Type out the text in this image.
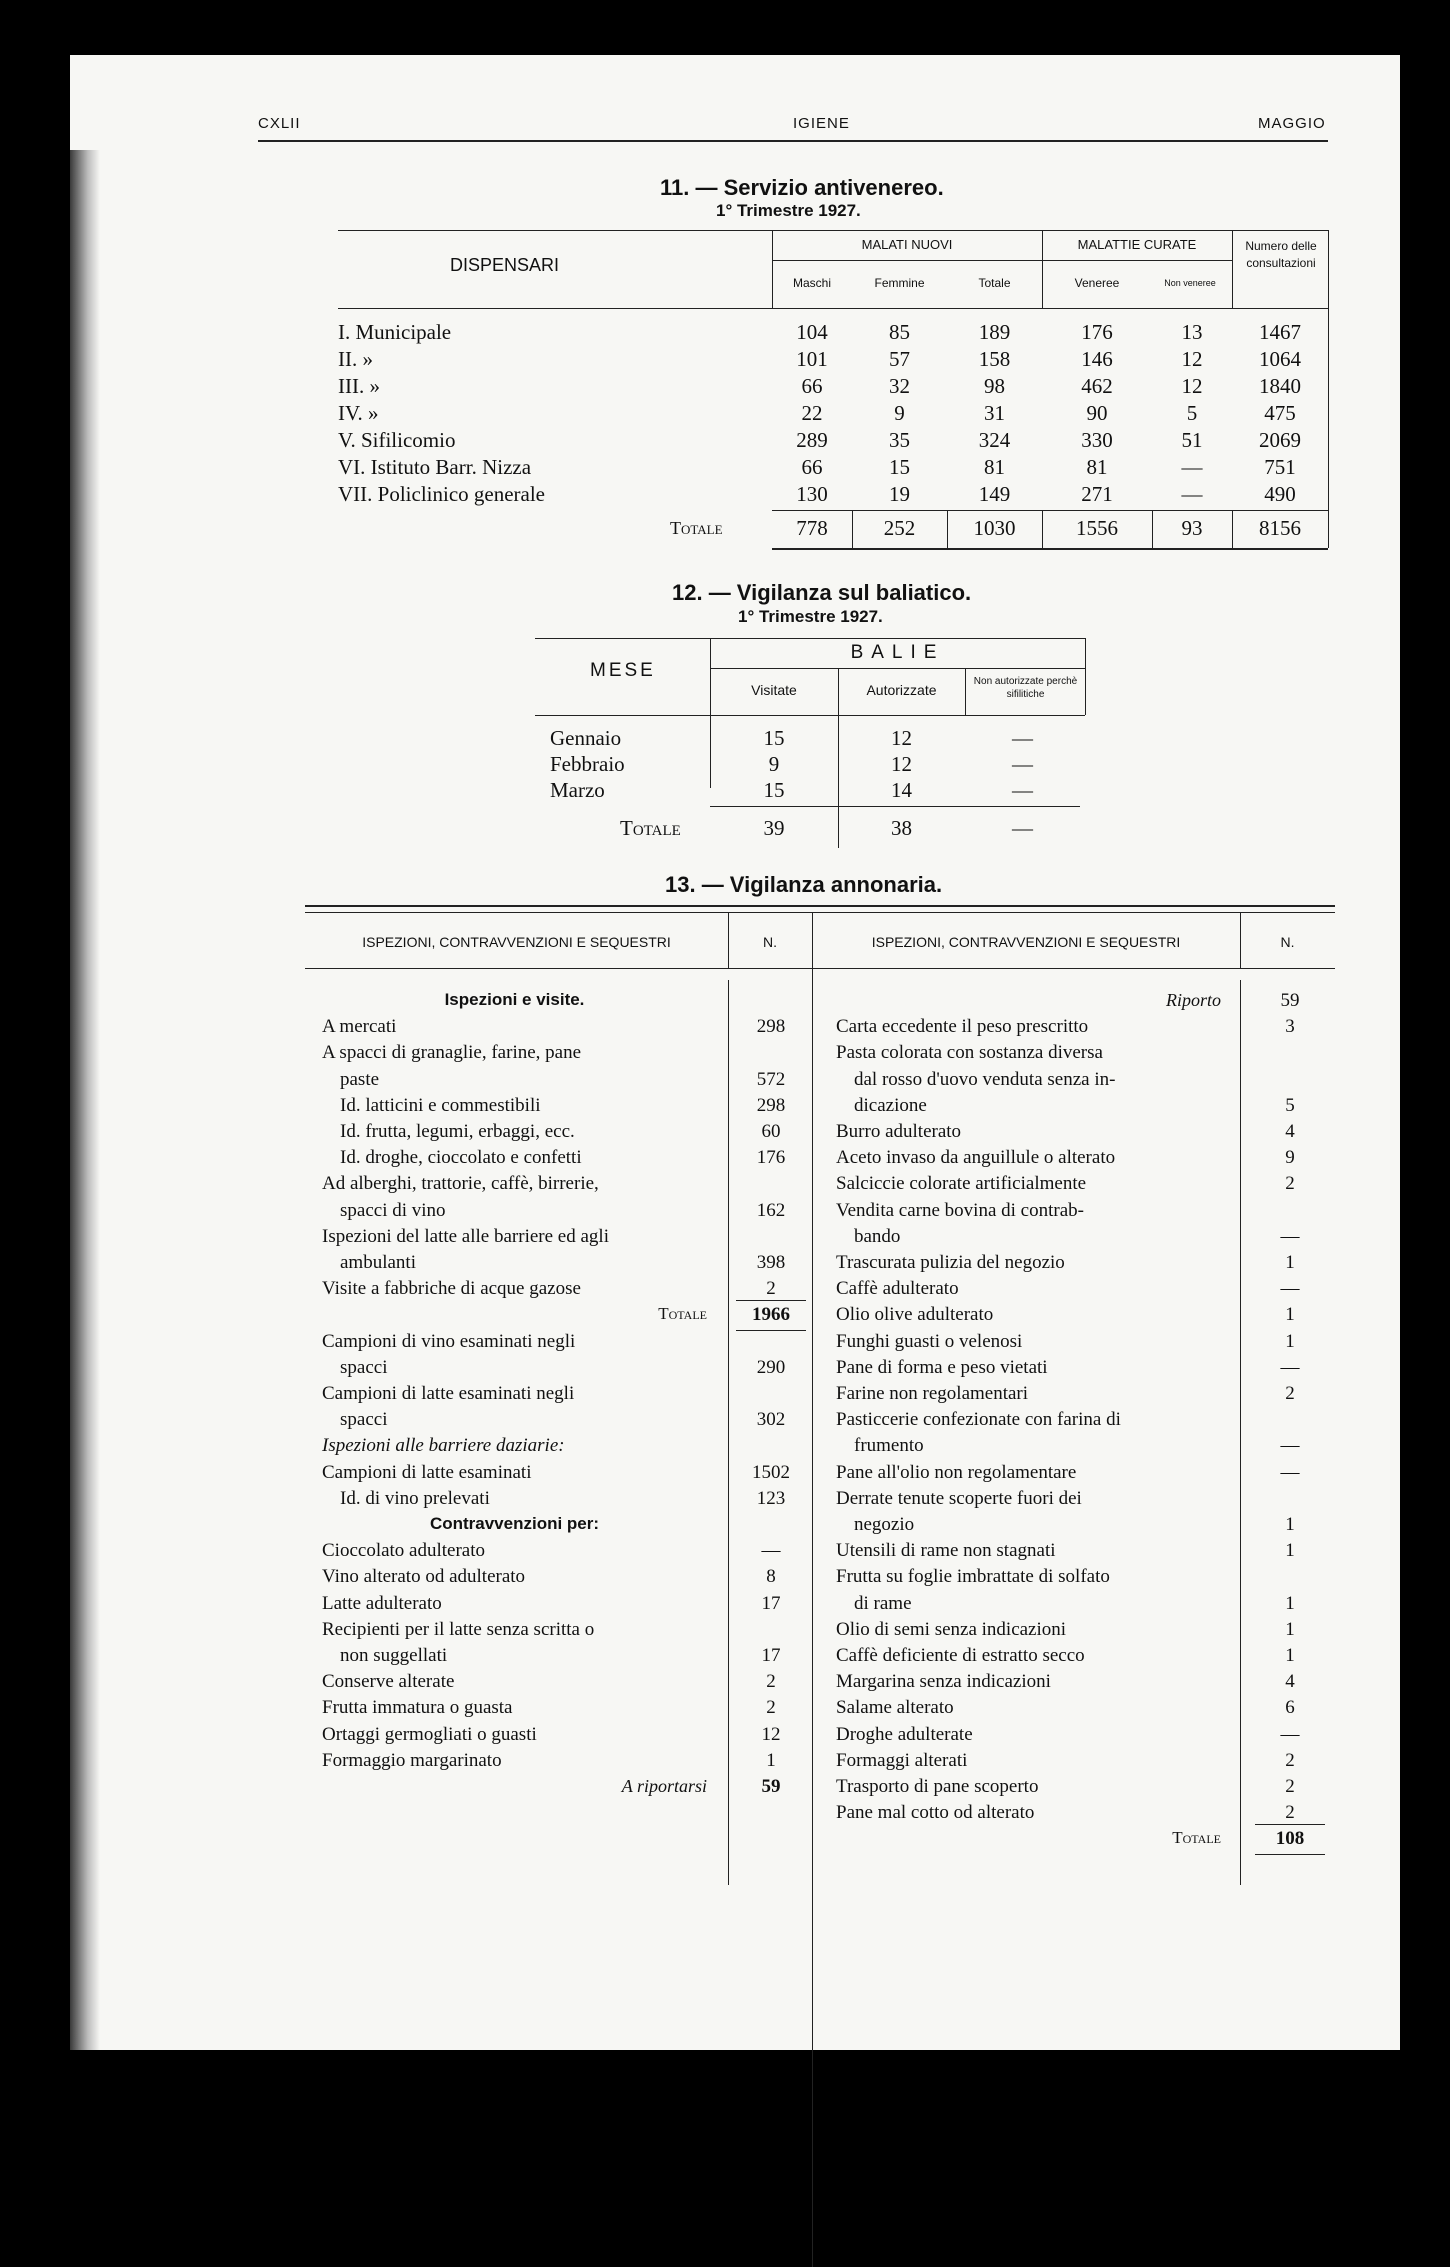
CXLII	IGIENE	MAGGIO
11. — Servizio antivenereo.
1° Trimestre 1927.
DISPENSARI
MALATI NUOVI
Maschi	Femmine	Totale
MALATTIE CURATE
Veneree	Non veneree
Numero delle consultazioni
I. Municipale	104	85	189	176	13	1467
II. »	101	57	158	146	12	1064
III. »	66	32	98	462	12	1840
IV. »	22	9	31	90	5	475
V. Sifilicomio	289	35	324	330	51	2069
VI. Istituto Barr. Nizza	66	15	81	81	—	751
VII. Policlinico generale	130	19	149	271	—	490
778	252	1030	1556	93	8156
Totale
12. — Vigilanza sul baliatico.
1° Trimestre 1927.
MESE
BALIE
Visitate	Autorizzate
Non autorizzate perchè sifilitiche
Gennaio	15	12	—
Febbraio	9	12	—
Marzo	15	14	—
39	38	—
Totale
13. — Vigilanza annonaria.
ISPEZIONI, CONTRAVVENZIONI E SEQUESTRI	N.	ISPEZIONI, CONTRAVVENZIONI E SEQUESTRI	N.
Ispezioni e visite.
A mercati	298
A spacci di granaglie, farine, pane
paste	572
Id. latticini e commestibili	298
Id. frutta, legumi, erbaggi, ecc.	60
Id. droghe, cioccolato e confetti	176
Ad alberghi, trattorie, caffè, birrerie,
spacci di vino	162
Ispezioni del latte alle barriere ed agli
ambulanti	398
Visite a fabbriche di acque gazose	2
Totale	1966
Campioni di vino esaminati negli
spacci	290
Campioni di latte esaminati negli
spacci	302
Ispezioni alle barriere daziarie:
Campioni di latte esaminati	1502
Id. di vino prelevati	123
Contravvenzioni per:
Cioccolato adulterato	—
Vino alterato od adulterato	8
Latte adulterato	17
Recipienti per il latte senza scritta o
non suggellati	17
Conserve alterate	2
Frutta immatura o guasta	2
Ortaggi germogliati o guasti	12
Formaggio margarinato	1
A riportarsi	59
Riporto	59
Carta eccedente il peso prescritto	3
Pasta colorata con sostanza diversa
dal rosso d'uovo venduta senza in-
dicazione	5
Burro adulterato	4
Aceto invaso da anguillule o alterato	9
Salciccie colorate artificialmente	2
Vendita carne bovina di contrab-
bando	—
Trascurata pulizia del negozio	1
Caffè adulterato	—
Olio olive adulterato	1
Funghi guasti o velenosi	1
Pane di forma e peso vietati	—
Farine non regolamentari	2
Pasticcerie confezionate con farina di
frumento	—
Pane all'olio non regolamentare	—
Derrate tenute scoperte fuori dei
negozio	1
Utensili di rame non stagnati	1
Frutta su foglie imbrattate di solfato
di rame	1
Olio di semi senza indicazioni	1
Caffè deficiente di estratto secco	1
Margarina senza indicazioni	4
Salame alterato	6
Droghe adulterate	—
Formaggi alterati	2
Trasporto di pane scoperto	2
Pane mal cotto od alterato	2
Totale	108
